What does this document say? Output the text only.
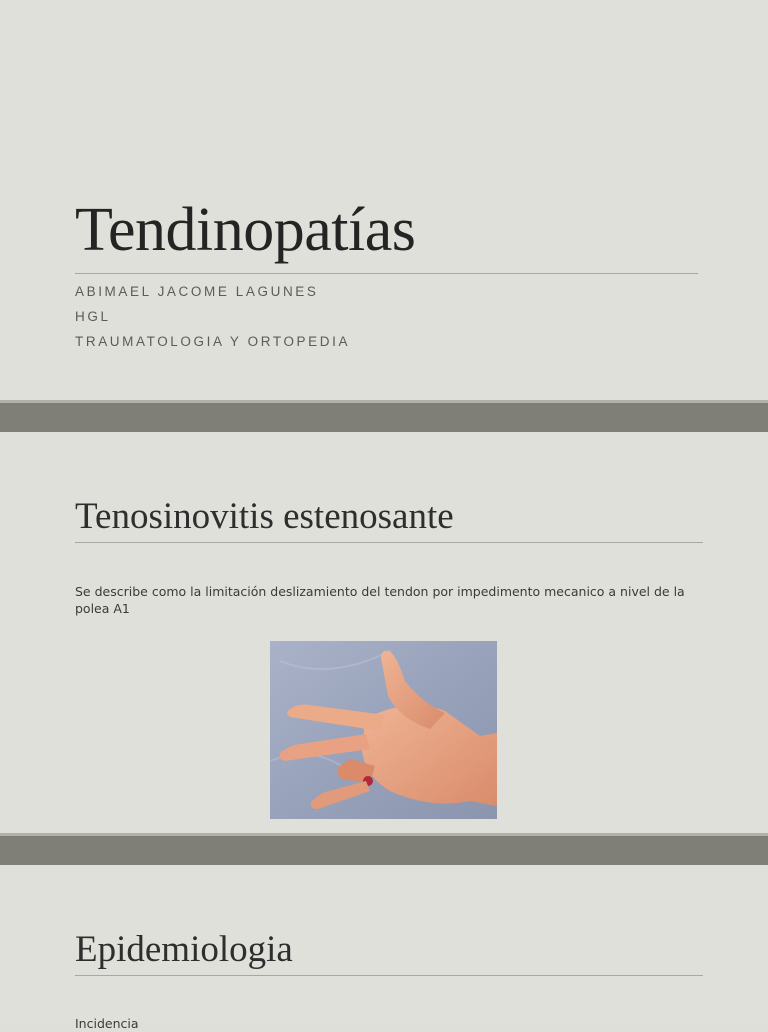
Tendinopatías

ABIMAEL JACOME LAGUNES

HGL

TRAUMATOLOGIA Y ORTOPEDIA

Tenosinovitis estenosante

Se describe como la limitación deslizamiento del tendon por impedimento mecanico a nivel de la polea A1

Epidemiologia

Incidencia
